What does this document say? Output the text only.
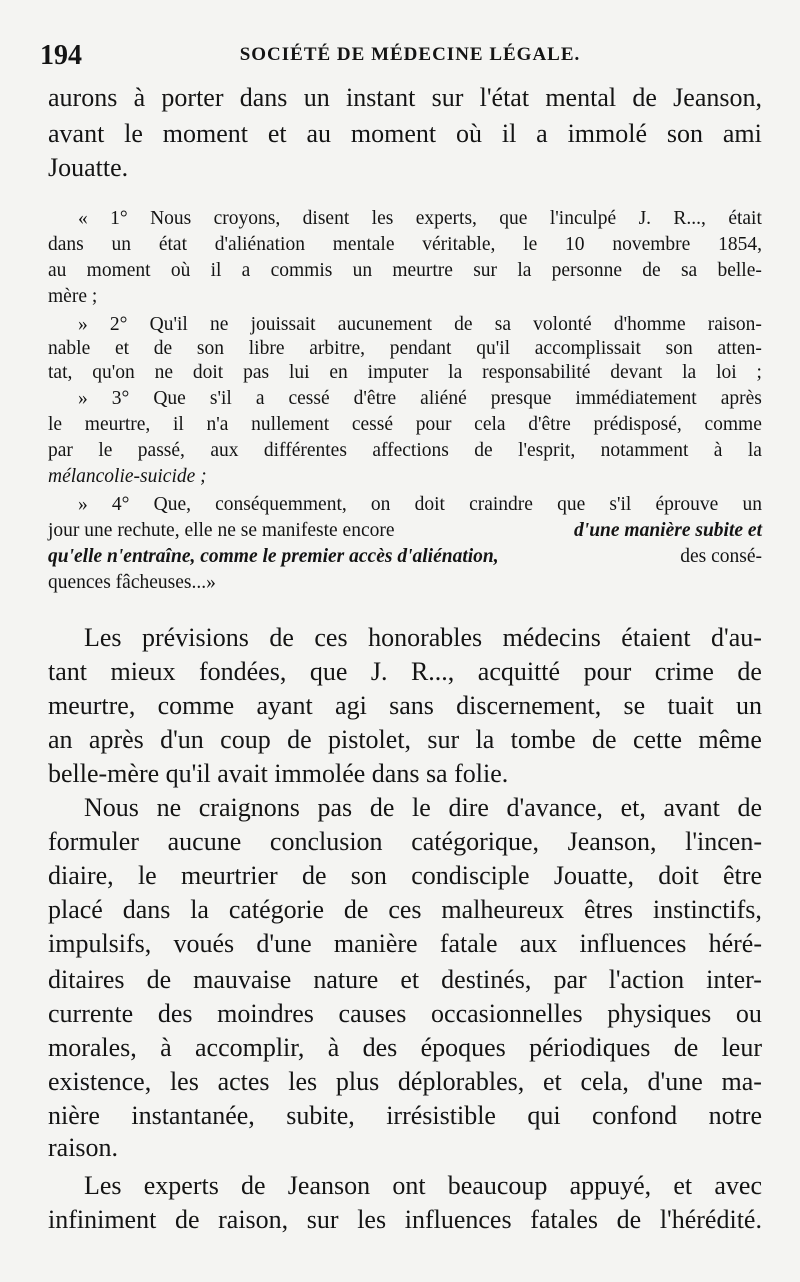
194	SOCIÉTÉ DE MÉDECINE LÉGALE.
aurons à porter dans un instant sur l'état mental de Jeanson,
avant le moment et au moment où il a immolé son ami
Jouatte.
« 1° Nous croyons, disent les experts, que l'inculpé J. R..., était
dans un état d'aliénation mentale véritable, le 10 novembre 1854,
au moment où il a commis un meurtre sur la personne de sa belle-
mère ;
» 2° Qu'il ne jouissait aucunement de sa volonté d'homme raison-
nable et de son libre arbitre, pendant qu'il accomplissait son atten-
tat, qu'on ne doit pas lui en imputer la responsabilité devant la loi ;
» 3° Que s'il a cessé d'être aliéné presque immédiatement après
le meurtre, il n'a nullement cessé pour cela d'être prédisposé, comme
par le passé, aux différentes affections de l'esprit, notamment à la
mélancolie-suicide ;
» 4° Que, conséquemment, on doit craindre que s'il éprouve un
jour une rechute, elle ne se manifeste encore	d'une manière subite et
qu'elle n'entraîne, comme le premier accès d'aliénation,	des consé-
quences fâcheuses...»
Les prévisions de ces honorables médecins étaient d'au-
tant mieux fondées, que J. R..., acquitté pour crime de
meurtre, comme ayant agi sans discernement, se tuait un
an après d'un coup de pistolet, sur la tombe de cette même
belle-mère qu'il avait immolée dans sa folie.
Nous ne craignons pas de le dire d'avance, et, avant de
formuler aucune conclusion catégorique, Jeanson, l'incen-
diaire, le meurtrier de son condisciple Jouatte, doit être
placé dans la catégorie de ces malheureux êtres instinctifs,
impulsifs, voués d'une manière fatale aux influences héré-
ditaires de mauvaise nature et destinés, par l'action inter-
currente des moindres causes occasionnelles physiques ou
morales, à accomplir, à des époques périodiques de leur
existence, les actes les plus déplorables, et cela, d'une ma-
nière instantanée, subite, irrésistible qui confond notre
raison.
Les experts de Jeanson ont beaucoup appuyé, et avec
infiniment de raison, sur les influences fatales de l'hérédité.
